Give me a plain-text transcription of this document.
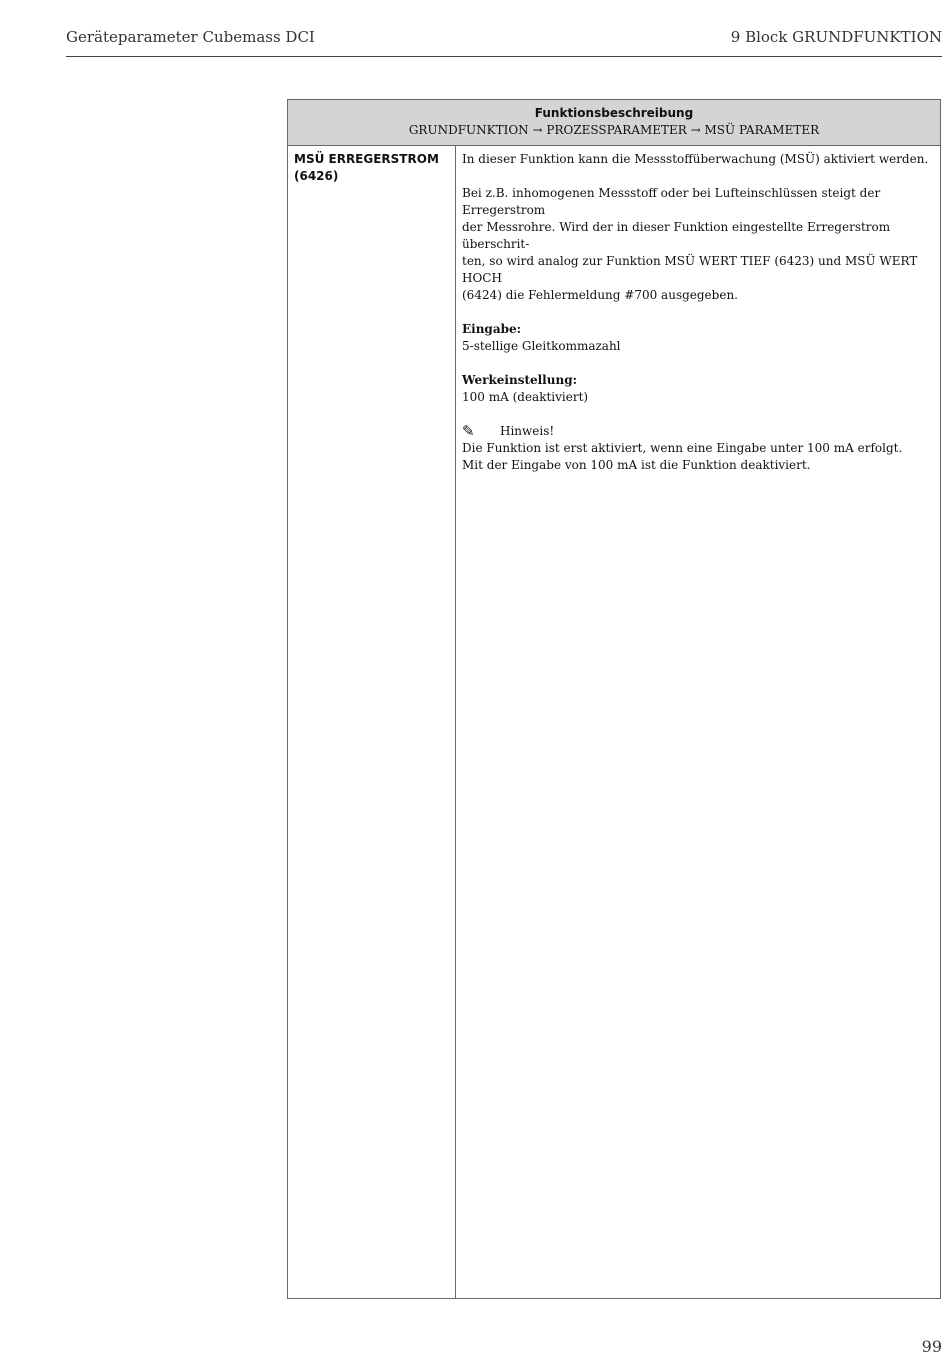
Geräteparameter Cubemass DCI	9 Block GRUNDFUNKTION
Funktionsbeschreibung
GRUNDFUNKTION → PROZESSPARAMETER → MSÜ PARAMETER
MSÜ ERREGERSTROM
(6426)

In dieser Funktion kann die Messstoffüberwachung (MSÜ) aktiviert werden.

Bei z.B. inhomogenen Messstoff oder bei Lufteinschlüssen steigt der Erregerstrom
der Messrohre. Wird der in dieser Funktion eingestellte Erregerstrom überschrit-
ten, so wird analog zur Funktion MSÜ WERT TIEF (6423) und MSÜ WERT HOCH
(6424) die Fehlermeldung #700 ausgegeben.

Eingabe:
5-stellige Gleitkommazahl

Werkeinstellung:
100 mA (deaktiviert)

✎	Hinweis!
Die Funktion ist erst aktiviert, wenn eine Eingabe unter 100 mA erfolgt.
Mit der Eingabe von 100 mA ist die Funktion deaktiviert.
99
